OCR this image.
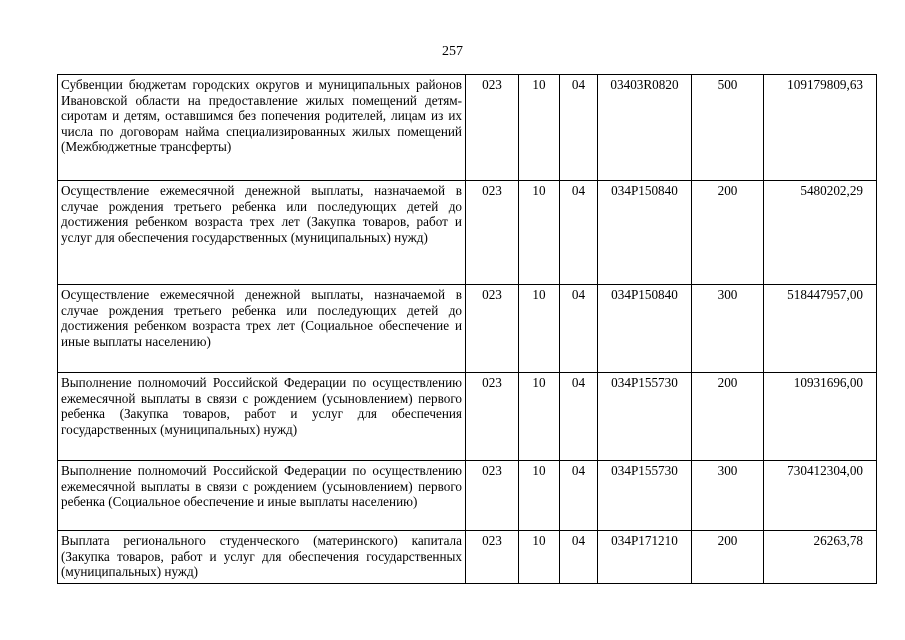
257
Субвенции бюджетам городских округов и муниципальных районов Ивановской области на предоставление жилых помещений детям-сиротам и детям, оставшимся без попечения родителей, лицам из их числа по договорам найма специализированных жилых помещений (Межбюджетные трансферты)	023	10	04	03403R0820	500	109179809,63
Осуществление ежемесячной денежной выплаты, назначаемой в случае рождения третьего ребенка или последующих детей до достижения ребенком возраста трех лет (Закупка товаров, работ и услуг для обеспечения государственных (муниципальных) нужд)	023	10	04	034P150840	200	5480202,29
Осуществление ежемесячной денежной выплаты, назначаемой в случае рождения третьего ребенка или последующих детей до достижения ребенком возраста трех лет (Социальное обеспечение и иные выплаты населению)	023	10	04	034P150840	300	518447957,00
Выполнение полномочий Российской Федерации по осуществлению ежемесячной выплаты в связи с рождением (усыновлением) первого ребенка (Закупка товаров, работ и услуг для обеспечения государственных (муниципальных) нужд)	023	10	04	034P155730	200	10931696,00
Выполнение полномочий Российской Федерации по осуществлению ежемесячной выплаты в связи с рождением (усыновлением) первого ребенка (Социальное обеспечение и иные выплаты населению)	023	10	04	034P155730	300	730412304,00
Выплата регионального студенческого (материнского) капитала (Закупка товаров, работ и услуг для обеспечения государственных (муниципальных) нужд)	023	10	04	034P171210	200	26263,78
